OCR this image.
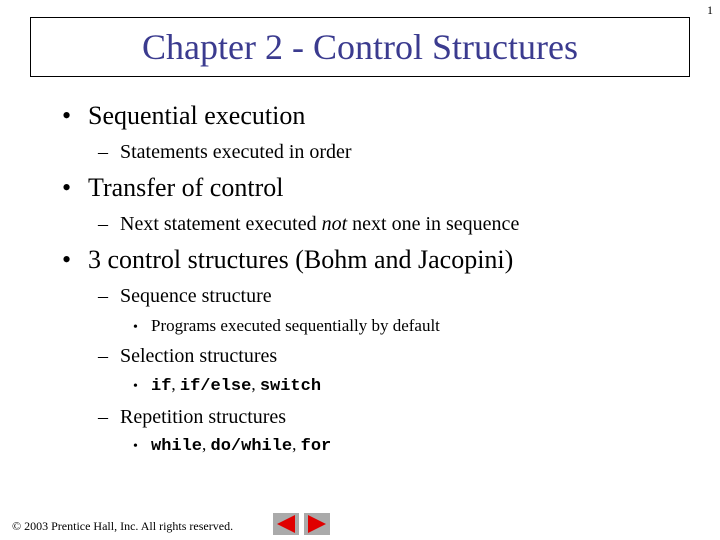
1
Chapter 2 - Control Structures
• Sequential execution
– Statements executed in order
• Transfer of control
– Next statement executed not next one in sequence
• 3 control structures (Bohm and Jacopini)
– Sequence structure
• Programs executed sequentially by default
– Selection structures
• if , if/else , switch
– Repetition structures
• while , do/while , for
© 2003 Prentice Hall, Inc. All rights reserved.
